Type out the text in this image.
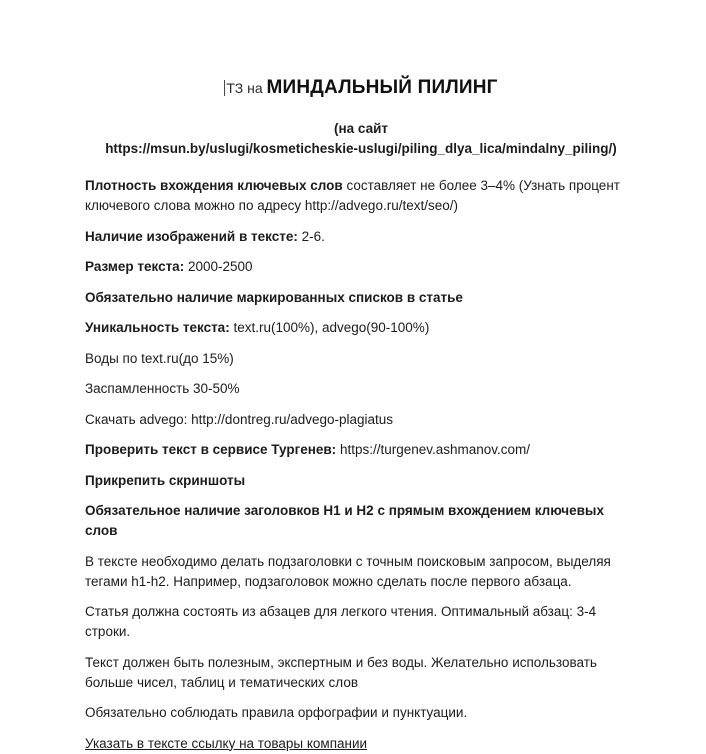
ТЗ на МИНДАЛЬНЫЙ ПИЛИНГ
(на сайт
https://msun.by/uslugi/kosmeticheskie-uslugi/piling_dlya_lica/mindalny_piling/)

Плотность вхождения ключевых слов составляет не более 3–4% (Узнать процент ключевого слова можно по адресу http://advego.ru/text/seo/)

Наличие изображений в тексте: 2-6.

Размер текста: 2000-2500

Обязательно наличие маркированных списков в статье

Уникальность текста: text.ru(100%), advego(90-100%)

Воды по text.ru(до 15%)

Заспамленность 30-50%

Скачать advego: http://dontreg.ru/advego-plagiatus

Проверить текст в сервисе Тургенев: https://turgenev.ashmanov.com/

Прикрепить скриншоты

Обязательное наличие заголовков H1 и H2 с прямым вхождением ключевых слов

В тексте необходимо делать подзаголовки с точным поисковым запросом, выделяя тегами h1-h2. Например, подзаголовок можно сделать после первого абзаца.

Статья должна состоять из абзацев для легкого чтения. Оптимальный абзац: 3-4 строки.

Текст должен быть полезным, экспертным и без воды. Желательно использовать больше чисел, таблиц и тематических слов

Обязательно соблюдать правила орфографии и пунктуации.

Указать в тексте ссылку на товары компании
